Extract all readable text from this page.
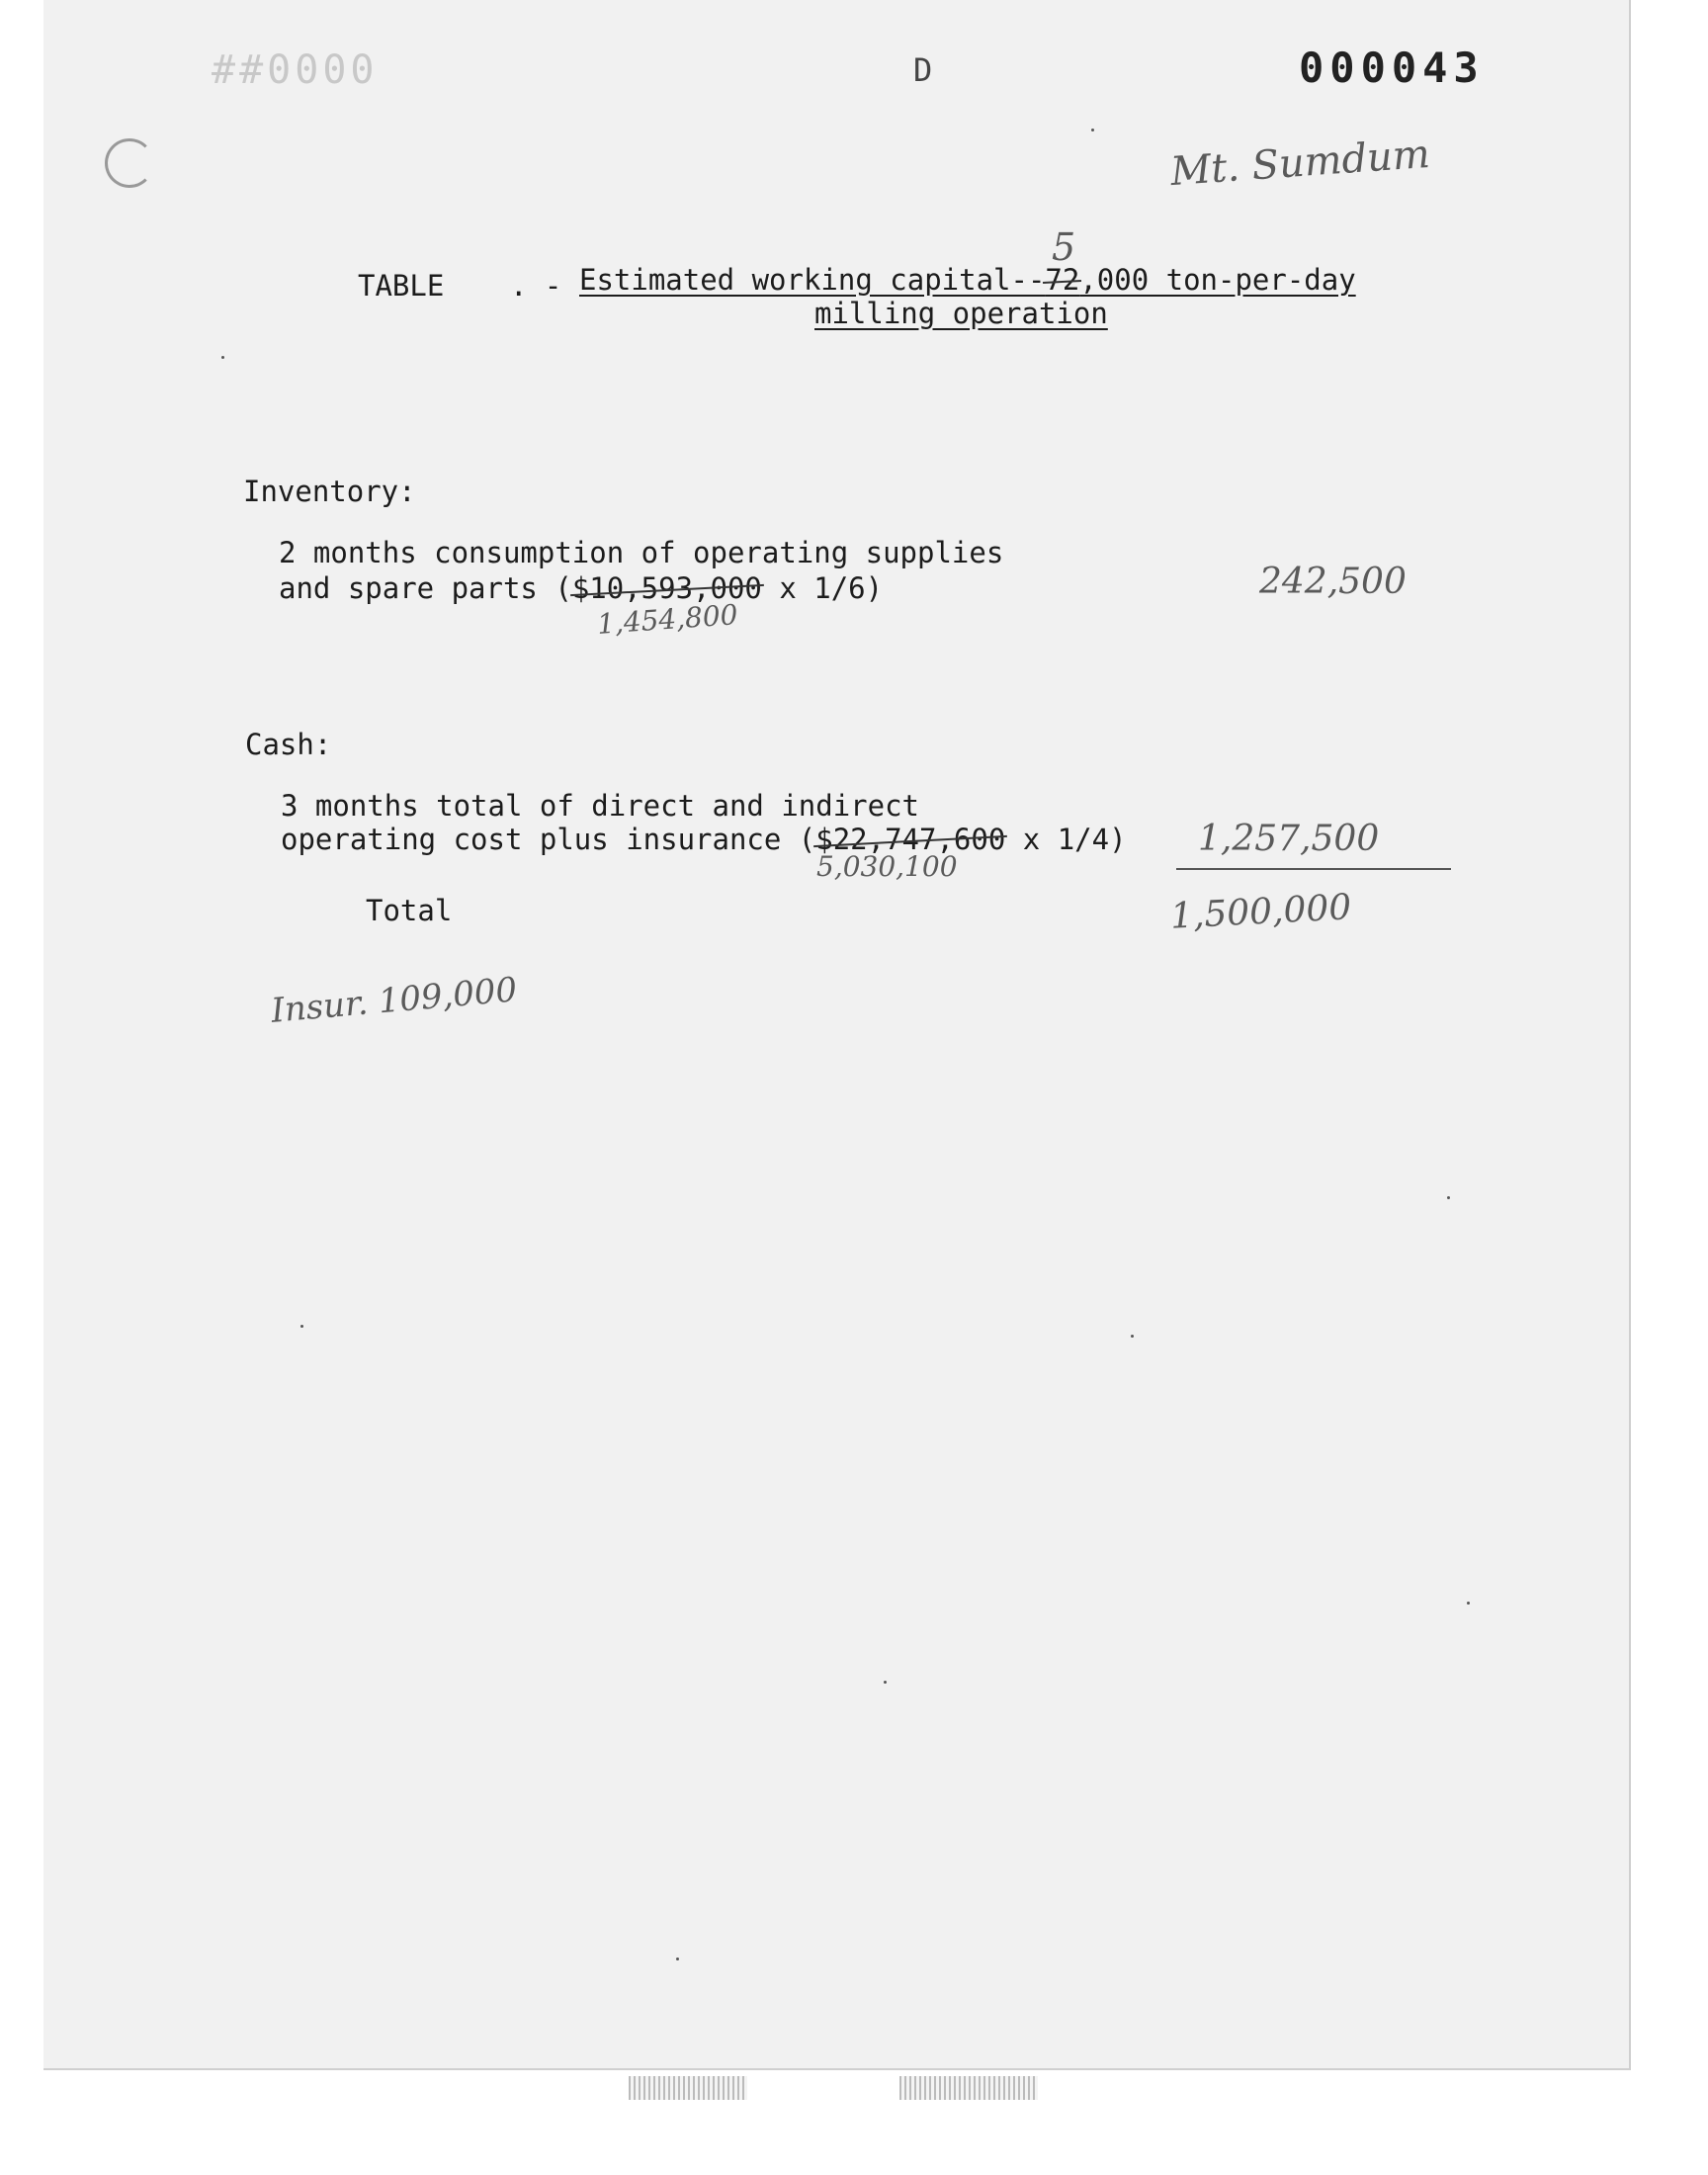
##0000	D	000043
Mt. Sumdum
TABLE . - Estimated working capital--72,000 ton-per-day
5
milling operation
Inventory:
2 months consumption of operating supplies
and spare parts ($10,593,000 x 1/6)
1,454,800
242,500
Cash:
3 months total of direct and indirect
operating cost plus insurance ($22,747,600 x 1/4)
5,030,100
1,257,500
Total	1,500,000
Insur. 109,000
